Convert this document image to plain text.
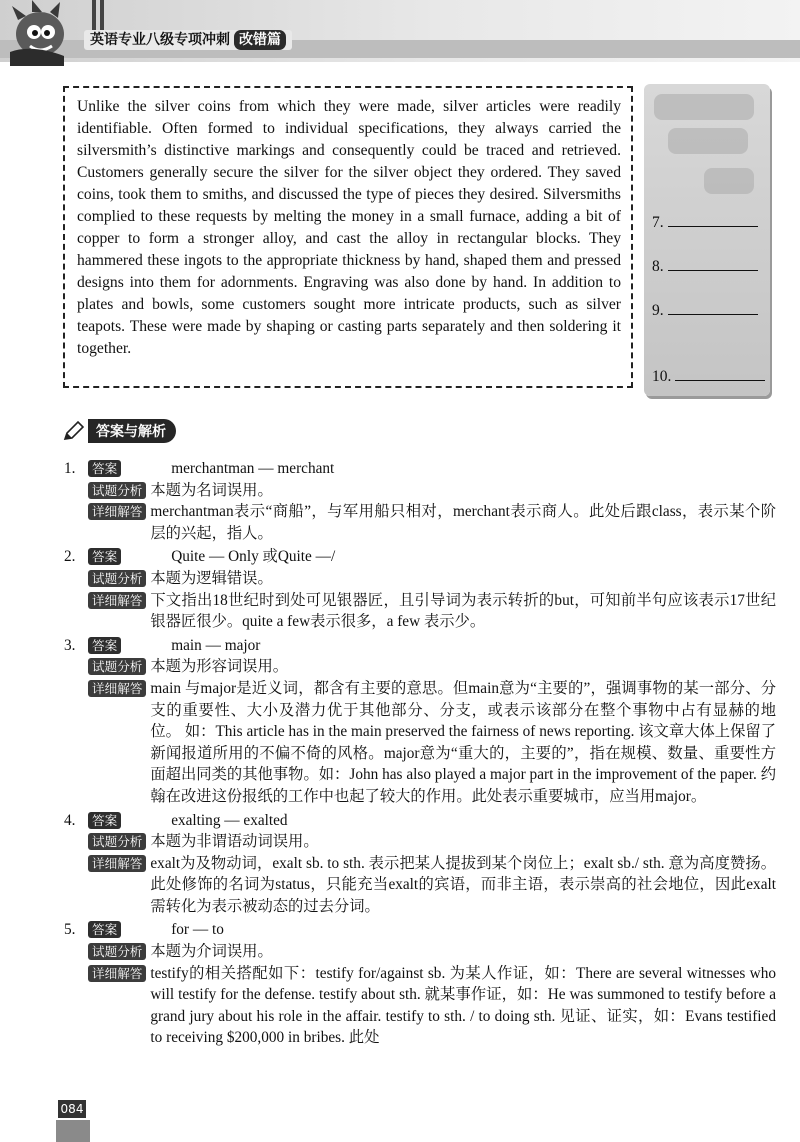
英语专业八级专项冲刺 改错篇

Unlike the silver coins from which they were made, silver articles were readily identifiable. Often formed to individual specifications, they always carried the silversmith’s distinctive markings and consequently could be traced and retrieved. Customers generally secure the silver for the silver object they ordered. They saved coins, took them to smiths, and discussed the type of pieces they desired. Silversmiths complied to these requests by melting the money in a small furnace, adding a bit of copper to form a stronger alloy, and cast the alloy in rectangular blocks. They hammered these ingots to the appropriate thickness by hand, shaped them and pressed designs into them for adornments. Engraving was also done by hand. In addition to plates and bowls, some customers sought more intricate products, such as silver teapots. These were made by shaping or casting parts separately and then soldering it together.

7.
8.
9.
10.
答案与解析
1.	答案	merchantman — merchant
试题分析 本题为名词误用。
详细解答 merchantman表示“商船”，与军用船只相对，merchant表示商人。此处后跟class，表示某个阶层的兴起，指人。
2.	答案	Quite — Only 或Quite —/
试题分析 本题为逻辑错误。
详细解答 下文指出18世纪时到处可见银器匠，且引导词为表示转折的but，可知前半句应该表示17世纪银器匠很少。quite a few表示很多，a few 表示少。
3.	答案	main — major
试题分析 本题为形容词误用。
详细解答 main 与major是近义词，都含有主要的意思。但main意为“主要的”，强调事物的某一部分、分支的重要性、大小及潜力优于其他部分、分支，或表示该部分在整个事物中占有显赫的地位。 如：This article has in the main preserved the fairness of news reporting. 该文章大体上保留了新闻报道所用的不偏不倚的风格。major意为“重大的，主要的”，指在规模、数量、重要性方面超出同类的其他事物。如：John has also played a major part in the improvement of the paper. 约翰在改进这份报纸的工作中也起了较大的作用。此处表示重要城市，应当用major。
4.	答案	exalting — exalted
试题分析 本题为非谓语动词误用。
详细解答 exalt为及物动词，exalt sb. to sth. 表示把某人提拔到某个岗位上；exalt sb./ sth. 意为高度赞扬。此处修饰的名词为status，只能充当exalt的宾语，而非主语，表示崇高的社会地位，因此exalt需转化为表示被动态的过去分词。
5.	答案	for — to
试题分析 本题为介词误用。
详细解答 testify的相关搭配如下：testify for/against sb. 为某人作证，如：There are several witnesses who will testify for the defense. testify about sth. 就某事作证，如：He was summoned to testify before a grand jury about his role in the affair. testify to sth. / to doing sth. 见证、证实，如：Evans testified to receiving $200,000 in bribes. 此处
084
